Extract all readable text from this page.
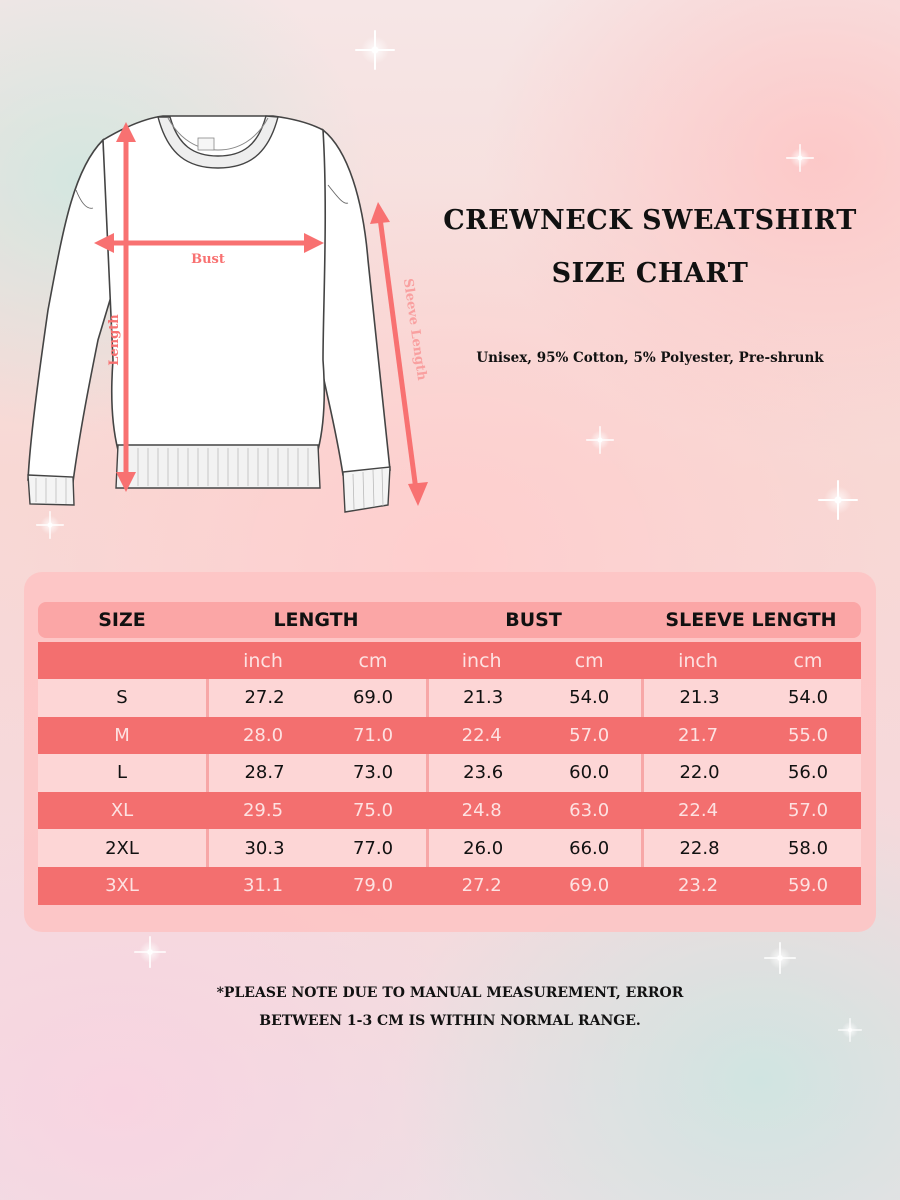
Bust
Length	Sleeve Length
CREWNECK SWEATSHIRT
SIZE CHART
Unisex, 95% Cotton, 5% Polyester, Pre-shrunk
SIZE	LENGTH		BUST		SLEEVE LENGTH	

	inch	cm	inch	cm	inch	cm
S	27.2	69.0	21.3	54.0	21.3	54.0
M	28.0	71.0	22.4	57.0	21.7	55.0
L	28.7	73.0	23.6	60.0	22.0	56.0
XL	29.5	75.0	24.8	63.0	22.4	57.0
2XL	30.3	77.0	26.0	66.0	22.8	58.0
3XL	31.1	79.0	27.2	69.0	23.2	59.0
*PLEASE NOTE DUE TO MANUAL MEASUREMENT, ERROR
BETWEEN 1-3 CM IS WITHIN NORMAL RANGE.
